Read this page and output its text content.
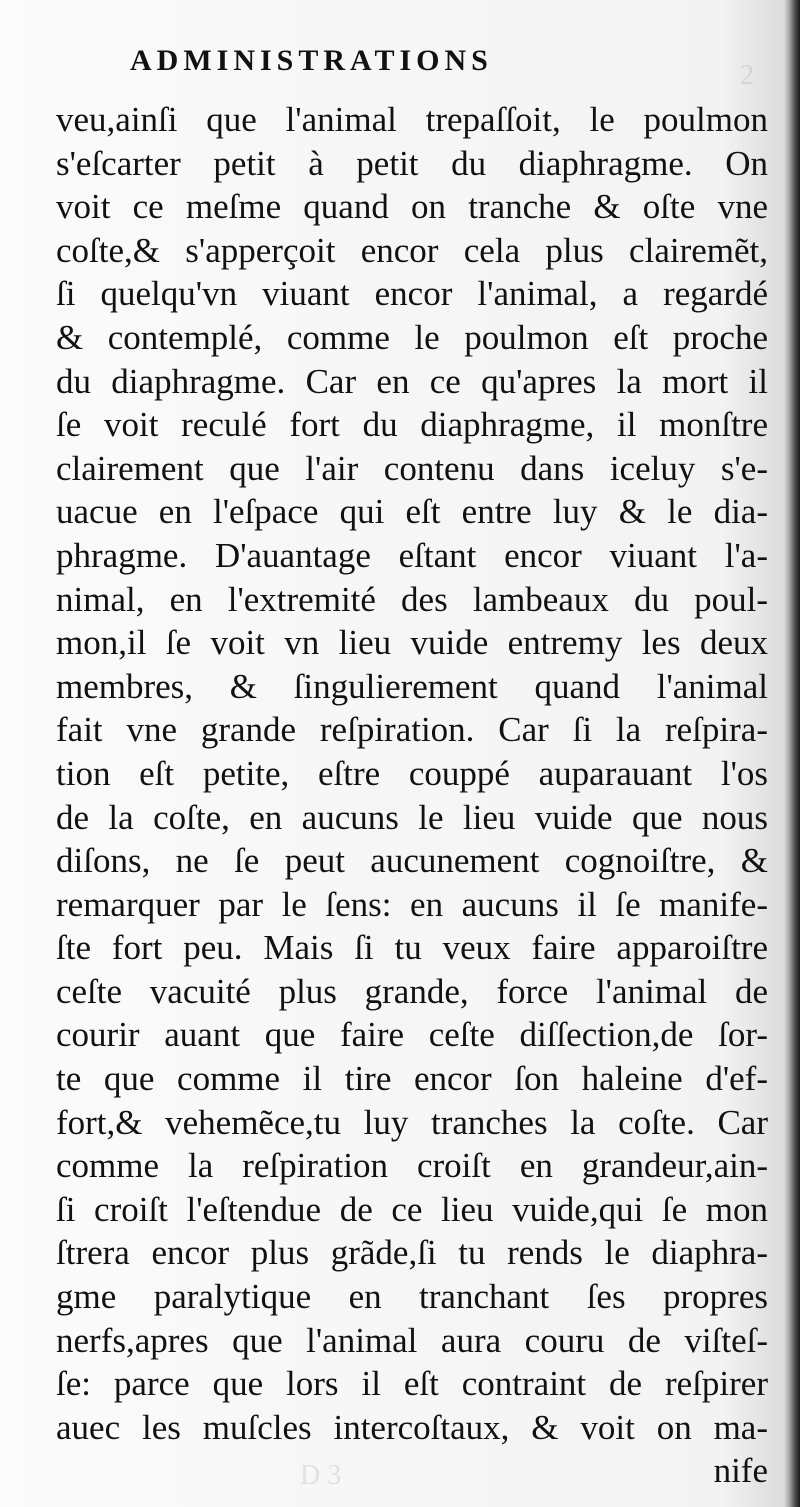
ADMINISTRATIONS	2
D 3
veu,ainſi que l'animal trepaſſoit, le poulmon
s'eſcarter petit à petit du diaphragme. On
voit ce meſme quand on tranche & oſte vne
coſte,& s'apperçoit encor cela plus clairemẽt,
ſi quelqu'vn viuant encor l'animal, a regardé
& contemplé, comme le poulmon eſt proche
du diaphragme. Car en ce qu'apres la mort il
ſe voit reculé fort du diaphragme, il monſtre
clairement que l'air contenu dans iceluy s'e-
uacue en l'eſpace qui eſt entre luy & le dia-
phragme. D'auantage eſtant encor viuant l'a-
nimal, en l'extremité des lambeaux du poul-
mon,il ſe voit vn lieu vuide entremy les deux
membres, & ſingulierement quand l'animal
fait vne grande reſpiration. Car ſi la reſpira-
tion eſt petite, eſtre couppé auparauant l'os
de la coſte, en aucuns le lieu vuide que nous
diſons, ne ſe peut aucunement cognoiſtre, &
remarquer par le ſens: en aucuns il ſe manife-
ſte fort peu. Mais ſi tu veux faire apparoiſtre
ceſte vacuité plus grande, force l'animal de
courir auant que faire ceſte diſſection,de ſor-
te que comme il tire encor ſon haleine d'ef-
fort,& vehemẽce,tu luy tranches la coſte. Car
comme la reſpiration croiſt en grandeur,ain-
ſi croiſt l'eſtendue de ce lieu vuide,qui ſe mon
ſtrera encor plus grãde,ſi tu rends le diaphra-
gme paralytique en tranchant ſes propres
nerfs,apres que l'animal aura couru de viſteſ-
ſe: parce que lors il eſt contraint de reſpirer
auec les muſcles intercoſtaux, & voit on ma-
nife
